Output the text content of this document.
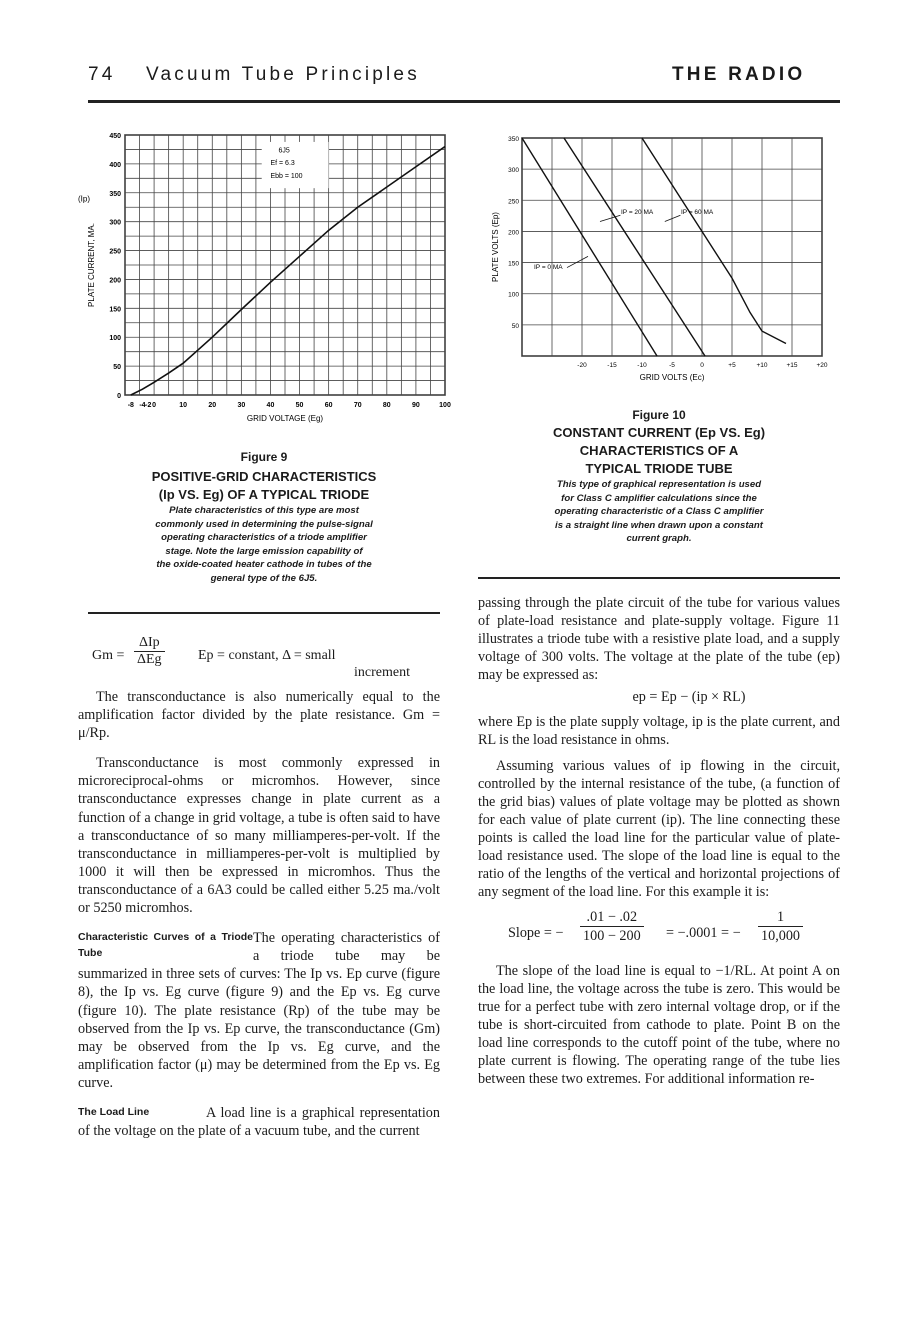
74 Vacuum Tube Principles	THE RADIO
0
50
100
150
200
250
300
350
400
450
-8 -4 -2 0	10	20	30	40	50	60	70	80	90	100
GRID VOLTAGE (Eg)
PLATE CURRENT, MA.
(Ip)
6J5
Ef = 6.3
Ebb = 100
Figure 9
POSITIVE-GRID CHARACTERISTICS
(Ip VS. Eg) OF A TYPICAL TRIODE
Plate characteristics of this type are most
commonly used in determining the pulse-signal
operating characteristics of a triode amplifier
stage. Note the large emission capability of
the oxide-coated heater cathode in tubes of the
general type of the 6J5.
50
100
150
200
250
300
350
-20	-15	-10	-5	0	+5	+10	+15	+20
GRID VOLTS (Ec)
PLATE VOLTS (Ep)	IP = 0 MA
IP = 20 MA	IP = 60 MA
Figure 10
CONSTANT CURRENT (Ep VS. Eg)
CHARACTERISTICS OF A
TYPICAL TRIODE TUBE
This type of graphical representation is used
for Class C amplifier calculations since the
operating characteristic of a Class C amplifier
is a straight line when drawn upon a constant
current graph.
Gm =
ΔIp
ΔEg	Ep = constant, Δ = small
increment

The transconductance is also numerically equal to the amplification factor divided by the plate resistance. Gm = μ/Rp.

Transconductance is most commonly expressed in microreciprocal-ohms or micromhos. However, since transconductance expresses change in plate current as a function of a change in grid voltage, a tube is often said to have a transconductance of so many milliamperes-per-volt. If the transconductance in milliamperes-per-volt is multiplied by 1000 it will then be expressed in micromhos. Thus the transconductance of a 6A3 could be called either 5.25 ma./volt or 5250 micromhos.

Characteristic Curves of a Triode Tube
The operating characteristics of a triode tube may be summarized in three sets of curves: The Ip vs. Ep curve (figure 8), the Ip vs. Eg curve (figure 9) and the Ep vs. Eg curve (figure 10). The plate resistance (Rp) of the tube may be observed from the Ip vs. Ep curve, the transconductance (Gm) may be observed from the Ip vs. Eg curve, and the amplification factor (μ) may be determined from the Ep vs. Eg curve.

The Load Line	A load line is a graphical representation of the voltage on the plate of a vacuum tube, and the current

passing through the plate circuit of the tube for various values of plate-load resistance and plate-supply voltage. Figure 11 illustrates a triode tube with a resistive plate load, and a supply voltage of 300 volts. The voltage at the plate of the tube (ep) may be expressed as:

ep = Ep − (ip × RL)

where Ep is the plate supply voltage, ip is the plate current, and RL is the load resistance in ohms.

Assuming various values of ip flowing in the circuit, controlled by the internal resistance of the tube, (a function of the grid bias) values of plate voltage may be plotted as shown for each value of plate current (ip). The line connecting these points is called the load line for the particular value of plate-load resistance used. The slope of the load line is equal to the ratio of the lengths of the vertical and horizontal projections of any segment of the load line. For this example it is:

Slope = − $\frac{.01 - .02}{100 - 200} = -.0001$ = − $\frac{1}{10,000}$

The slope of the load line is equal to −1/RL. At point A on the load line, the voltage across the tube is zero. This would be true for a perfect tube with zero internal voltage drop, or if the tube is short-circuited from cathode to plate. Point B on the load line corresponds to the cutoff point of the tube, where no plate current is flowing. The operating range of the tube lies between these two extremes. For additional information re-
